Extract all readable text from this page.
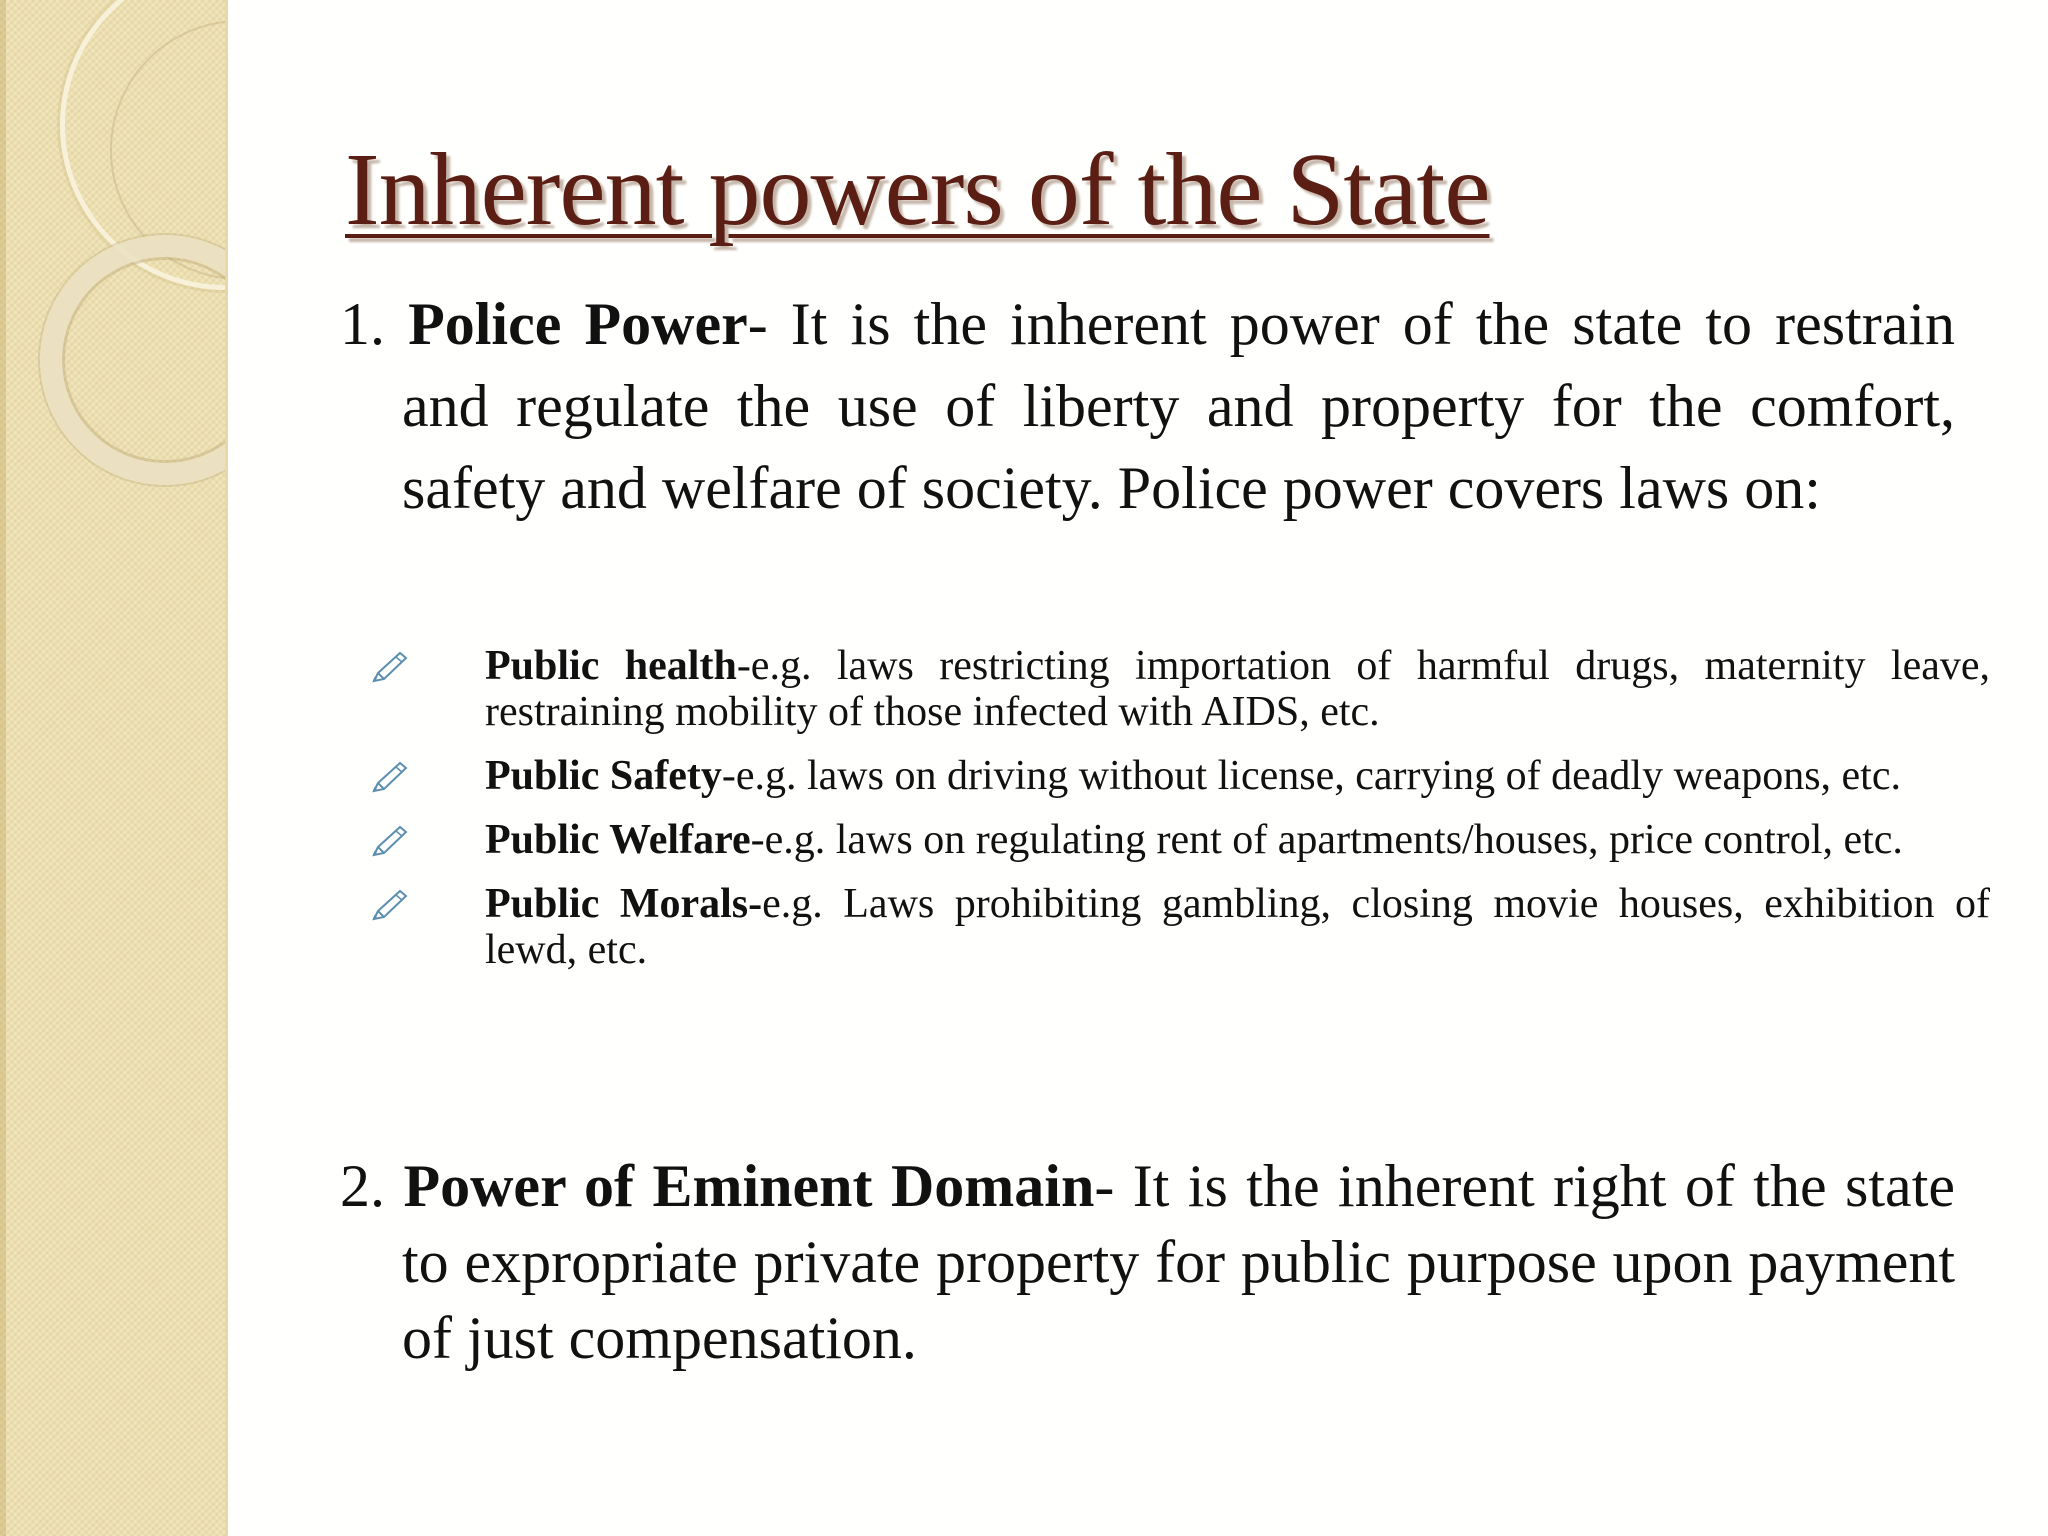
Inherent powers of the State
1. Police Power- It is the inherent power of the state to restrain and regulate the use of liberty and property for the comfort, safety and welfare of society. Police power covers laws on:
Public health-e.g. laws restricting importation of harmful drugs, maternity leave, restraining mobility of those infected with AIDS, etc.
Public Safety-e.g. laws on driving without license, carrying of deadly weapons, etc.
Public Welfare-e.g. laws on regulating rent of apartments/houses, price control, etc.
Public Morals-e.g. Laws prohibiting gambling, closing movie houses, exhibition of lewd, etc.
2. Power of Eminent Domain- It is the inherent right of the state to expropriate private property for public purpose upon payment of just compensation.
